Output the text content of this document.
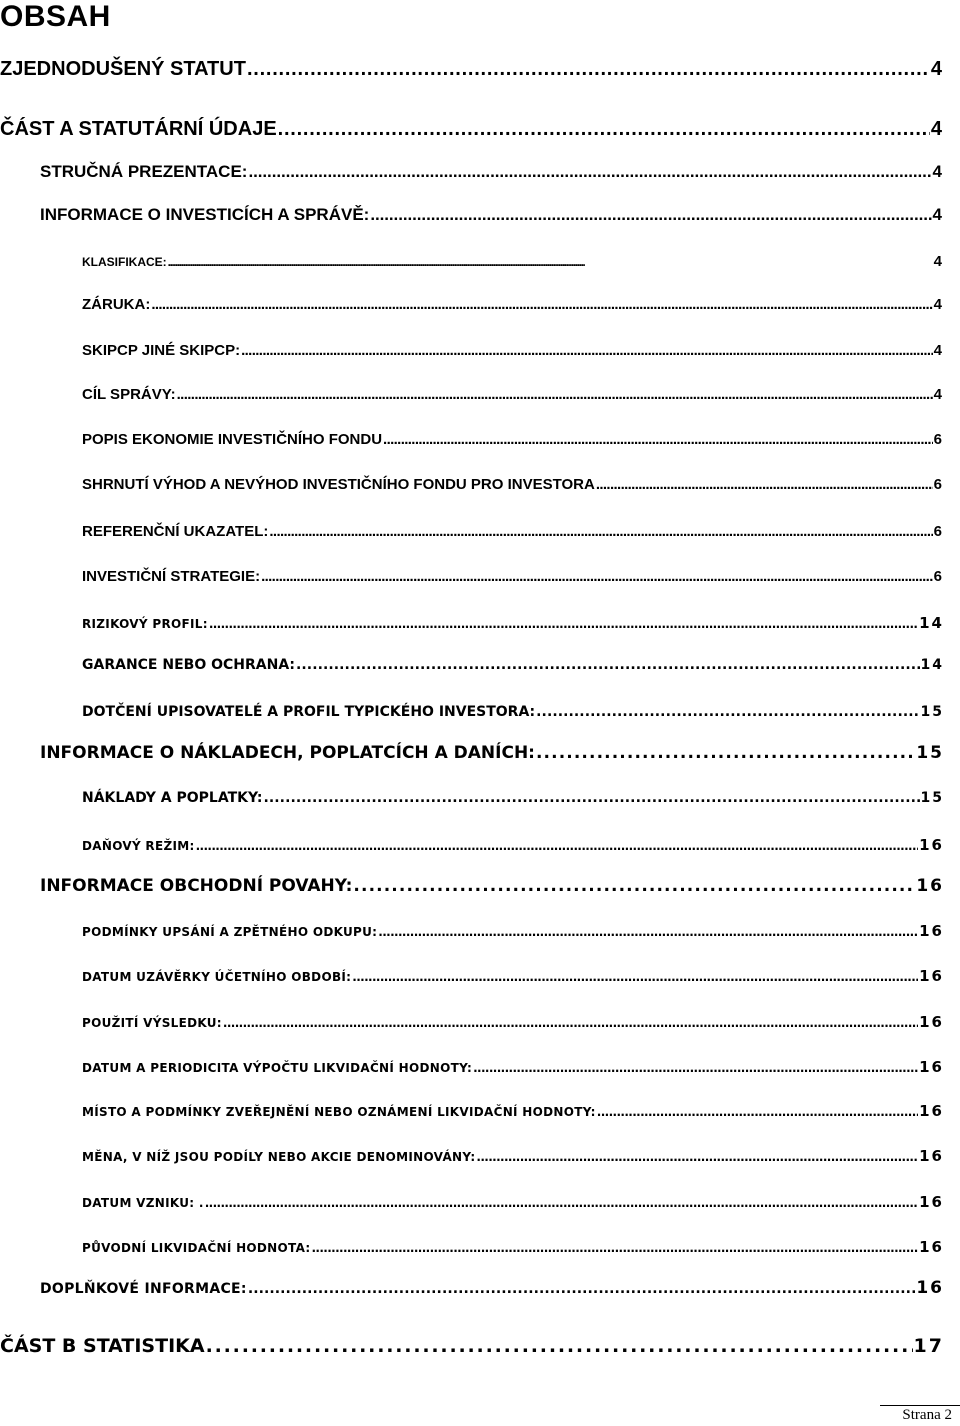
OBSAH
ZJEDNODUŠENÝ STATUT . . .	4
ČÁST A STATUTÁRNÍ ÚDAJE . . .	4
STRUČNÁ PREZENTACE: . . .	4
INFORMACE O INVESTICÍCH A SPRÁVĚ: . . .	4
KLASIFIKACE: . . .	4
ZÁRUKA: . . .	4
SKIPCP JINÉ SKIPCP: . . .	4
CÍL SPRÁVY: . . .	4
POPIS EKONOMIE INVESTIČNÍHO FONDU . . .	6
SHRNUTÍ VÝHOD A NEVÝHOD INVESTIČNÍHO FONDU PRO INVESTORA . . .	6
REFERENČNÍ UKAZATEL: . . .	6
INVESTIČNÍ STRATEGIE: . . .	6
RIZIKOVÝ PROFIL: . . .	14
GARANCE NEBO OCHRANA: . . .	14
DOTČENÍ UPISOVATELÉ A PROFIL TYPICKÉHO INVESTORA: . . .	15
INFORMACE O NÁKLADECH, POPLATCÍCH A DANÍCH: . . .	15
NÁKLADY A POPLATKY: . . .	15
DAŇOVÝ REŽIM: . . .	16
INFORMACE OBCHODNÍ POVAHY: . . .	16
PODMÍNKY UPSÁNÍ A ZPĚTNÉHO ODKUPU: . . .	16
DATUM UZÁVĚRKY ÚČETNÍHO OBDOBÍ: . . .	16
POUŽITÍ VÝSLEDKU: . . .	16
DATUM A PERIODICITA VÝPOČTU LIKVIDAČNÍ HODNOTY: . . .	16
MÍSTO A PODMÍNKY ZVEŘEJNĚNÍ NEBO OZNÁMENÍ LIKVIDAČNÍ HODNOTY: . . .	16
MĚNA, V NÍŽ JSOU PODÍLY NEBO AKCIE DENOMINOVÁNY: . . .	16
DATUM VZNIKU: . . . .	16
PŮVODNÍ LIKVIDAČNÍ HODNOTA: . . .	16
DOPLŇKOVÉ INFORMACE: . . .	16
ČÁST B STATISTIKA . . .	17
Strana 2
